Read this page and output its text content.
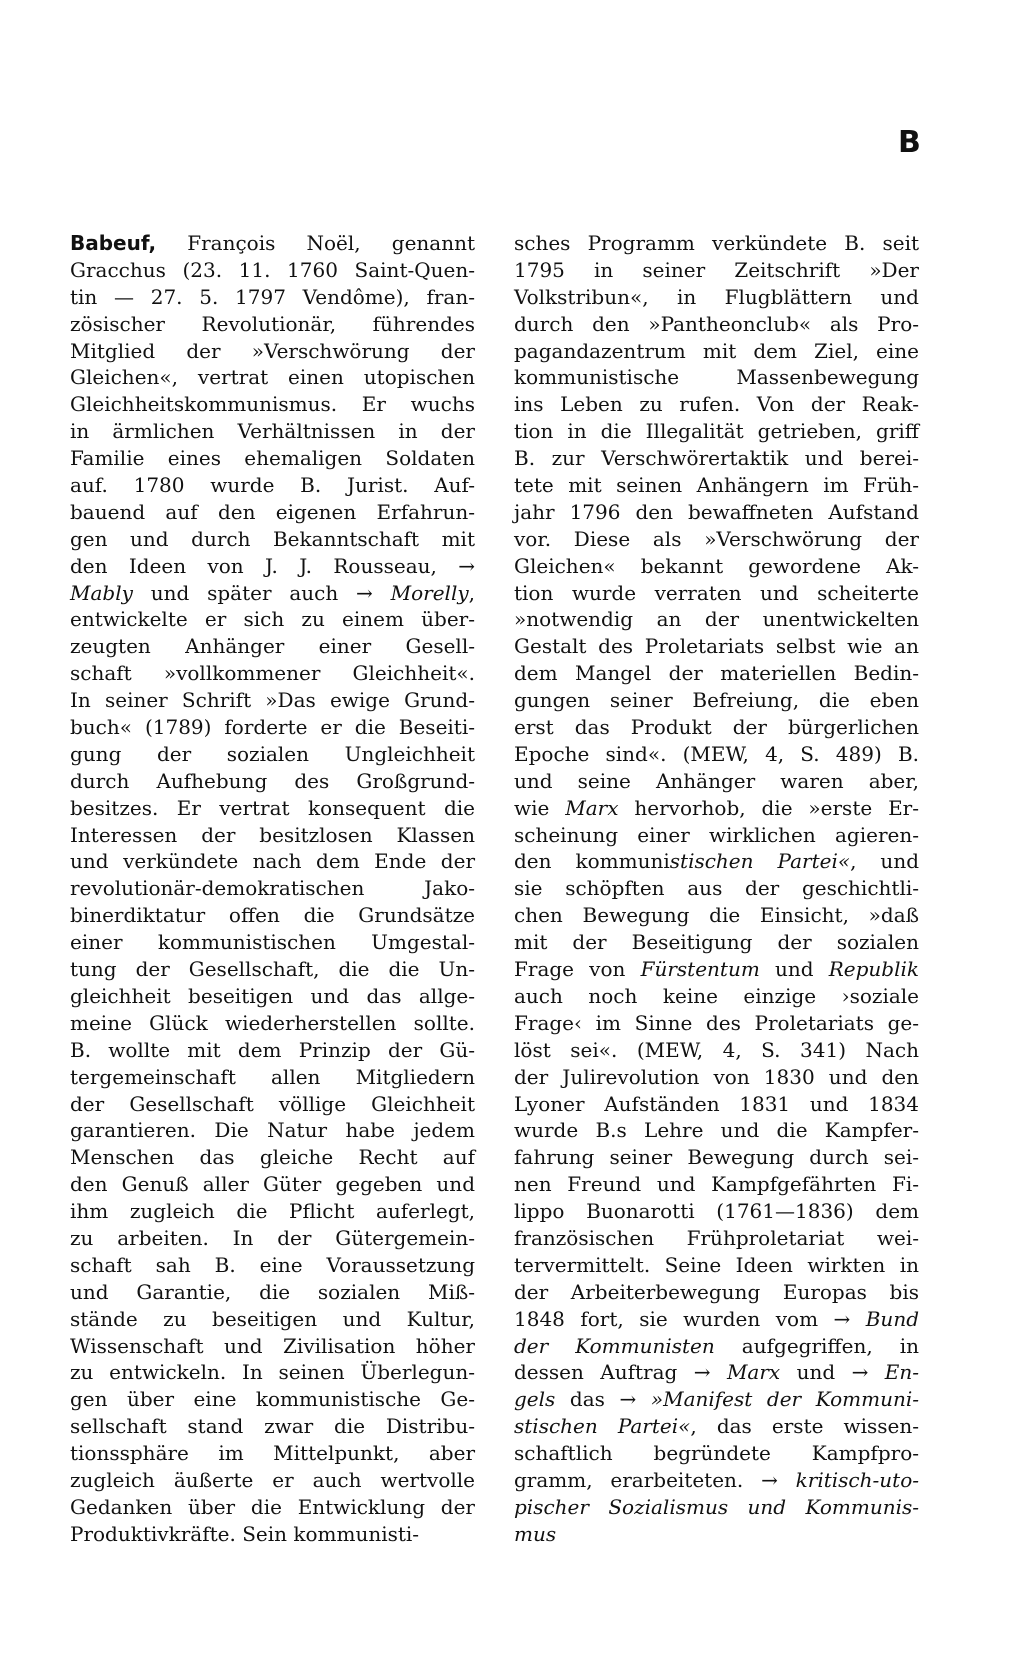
B
Babeuf, François Noël, genannt
Gracchus (23. 11. 1760 Saint-Quen-
tin — 27. 5. 1797 Vendôme), fran-
zösischer Revolutionär, führendes
Mitglied der »Verschwörung der
Gleichen«, vertrat einen utopischen
Gleichheitskommunismus. Er wuchs
in ärmlichen Verhältnissen in der
Familie eines ehemaligen Soldaten
auf. 1780 wurde B. Jurist. Auf-
bauend auf den eigenen Erfahrun-
gen und durch Bekanntschaft mit
den Ideen von J. J. Rousseau, →
Mably und später auch → Morelly,
entwickelte er sich zu einem über-
zeugten Anhänger einer Gesell-
schaft »vollkommener Gleichheit«.
In seiner Schrift »Das ewige Grund-
buch« (1789) forderte er die Beseiti-
gung der sozialen Ungleichheit
durch Aufhebung des Großgrund-
besitzes. Er vertrat konsequent die
Interessen der besitzlosen Klassen
und verkündete nach dem Ende der
revolutionär-demokratischen Jako-
binerdiktatur offen die Grundsätze
einer kommunistischen Umgestal-
tung der Gesellschaft, die die Un-
gleichheit beseitigen und das allge-
meine Glück wiederherstellen sollte.
B. wollte mit dem Prinzip der Gü-
tergemeinschaft allen Mitgliedern
der Gesellschaft völlige Gleichheit
garantieren. Die Natur habe jedem
Menschen das gleiche Recht auf
den Genuß aller Güter gegeben und
ihm zugleich die Pflicht auferlegt,
zu arbeiten. In der Gütergemein-
schaft sah B. eine Voraussetzung
und Garantie, die sozialen Miß-
stände zu beseitigen und Kultur,
Wissenschaft und Zivilisation höher
zu entwickeln. In seinen Überlegun-
gen über eine kommunistische Ge-
sellschaft stand zwar die Distribu-
tionssphäre im Mittelpunkt, aber
zugleich äußerte er auch wertvolle
Gedanken über die Entwicklung der
Produktivkräfte. Sein kommunisti-
sches Programm verkündete B. seit
1795 in seiner Zeitschrift »Der
Volkstribun«, in Flugblättern und
durch den »Pantheonclub« als Pro-
pagandazentrum mit dem Ziel, eine
kommunistische Massenbewegung
ins Leben zu rufen. Von der Reak-
tion in die Illegalität getrieben, griff
B. zur Verschwörertaktik und berei-
tete mit seinen Anhängern im Früh-
jahr 1796 den bewaffneten Aufstand
vor. Diese als »Verschwörung der
Gleichen« bekannt gewordene Ak-
tion wurde verraten und scheiterte
»notwendig an der unentwickelten
Gestalt des Proletariats selbst wie an
dem Mangel der materiellen Bedin-
gungen seiner Befreiung, die eben
erst das Produkt der bürgerlichen
Epoche sind«. (MEW, 4, S. 489) B.
und seine Anhänger waren aber,
wie Marx hervorhob, die »erste Er-
scheinung einer wirklichen agieren-
den kommunistischen Partei«, und
sie schöpften aus der geschichtli-
chen Bewegung die Einsicht, »daß
mit der Beseitigung der sozialen
Frage von Fürstentum und Republik
auch noch keine einzige ›soziale
Frage‹ im Sinne des Proletariats ge-
löst sei«. (MEW, 4, S. 341) Nach
der Julirevolution von 1830 und den
Lyoner Aufständen 1831 und 1834
wurde B.s Lehre und die Kampfer-
fahrung seiner Bewegung durch sei-
nen Freund und Kampfgefährten Fi-
lippo Buonarotti (1761—1836) dem
französischen Frühproletariat wei-
tervermittelt. Seine Ideen wirkten in
der Arbeiterbewegung Europas bis
1848 fort, sie wurden vom → Bund
der Kommunisten aufgegriffen, in
dessen Auftrag → Marx und → En-
gels das → »Manifest der Kommuni-
stischen Partei«, das erste wissen-
schaftlich begründete Kampfpro-
gramm, erarbeiteten. → kritisch-uto-
pischer Sozialismus und Kommunis-
mus
